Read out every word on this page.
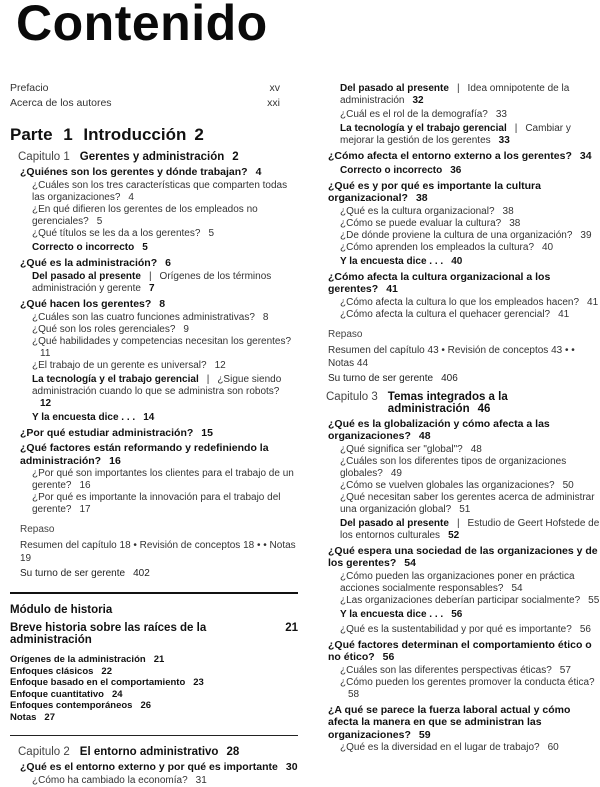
Contenido
Prefacio	xv
Acerca de los autores	xxi
Parte 1 Introducción 2
Capitulo 1 Gerentes y administración 2
¿Quiénes son los gerentes y dónde trabajan? 4
¿Cuáles son los tres características que comparten todas las organizaciones? 4
¿En qué difieren los gerentes de los empleados no gerenciales? 5
¿Qué títulos se les da a los gerentes? 5
Correcto o incorrecto 5
¿Qué es la administración? 6
Del pasado al presente | Orígenes de los términos administración y gerente 7
¿Qué hacen los gerentes? 8
¿Cuáles son las cuatro funciones administrativas? 8
¿Qué son los roles gerenciales? 9
¿Qué habilidades y competencias necesitan los gerentes?11
¿El trabajo de un gerente es universal? 12
La tecnología y el trabajo gerencial | ¿Sigue siendo administración cuando lo que se administra son robots?12
Y la encuesta dice . . . 14
¿Por qué estudiar administración? 15
¿Qué factores están reformando y redefiniendo la administración? 16
¿Por qué son importantes los clientes para el trabajo de un gerente? 16
¿Por qué es importante la innovación para el trabajo del gerente? 17
Repaso
Resumen del capítulo 18 • Revisión de conceptos 18 • • Notas 19
Su turno de ser gerente 402
Módulo de historia
Breve historia sobre las raíces de la administración
21
Orígenes de la administración 21
Enfoques clásicos 22
Enfoque basado en el comportamiento 23
Enfoque cuantitativo 24
Enfoques contemporáneos 26
Notas 27
Capitulo 2 El entorno administrativo 28
¿Qué es el entorno externo y por qué es importante 30
¿Cómo ha cambiado la economía? 31
Del pasado al presente | Idea omnipotente de la administración 32
¿Cuál es el rol de la demografía? 33
La tecnología y el trabajo gerencial | Cambiar y mejorar la gestión de los gerentes 33
¿Cómo afecta el entorno externo a los gerentes? 34
Correcto o incorrecto 36
¿Qué es y por qué es importante la cultura organizacional? 38
¿Qué es la cultura organizacional? 38
¿Cómo se puede evaluar la cultura? 38
¿De dónde proviene la cultura de una organización? 39
¿Cómo aprenden los empleados la cultura? 40
Y la encuesta dice . . . 40
¿Cómo afecta la cultura organizacional a los gerentes? 41
¿Cómo afecta la cultura lo que los empleados hacen? 41
¿Cómo afecta la cultura el quehacer gerencial? 41
Repaso
Resumen del capítulo 43 • Revisión de conceptos 43 • • Notas 44
Su turno de ser gerente 406
Capitulo 3 Temas integrados a la administración 46
¿Qué es la globalización y cómo afecta a las organizaciones? 48
¿Qué significa ser "global"? 48
¿Cuáles son los diferentes tipos de organizaciones globales? 49
¿Cómo se vuelven globales las organizaciones? 50
¿Qué necesitan saber los gerentes acerca de administrar una organización global? 51
Del pasado al presente | Estudio de Geert Hofstede de los entornos culturales 52
¿Qué espera una sociedad de las organizaciones y de los gerentes? 54
¿Cómo pueden las organizaciones poner en práctica acciones socialmente responsables? 54
¿Las organizaciones deberían participar socialmente? 55
Y la encuesta dice . . . 56
¿Qué es la sustentabilidad y por qué es importante? 56
¿Qué factores determinan el comportamiento ético o no ético? 56
¿Cuáles son las diferentes perspectivas éticas? 57
¿Cómo pueden los gerentes promover la conducta ética?58
¿A qué se parece la fuerza laboral actual y cómo afecta la manera en que se administran las organizaciones? 59
¿Qué es la diversidad en el lugar de trabajo? 60
